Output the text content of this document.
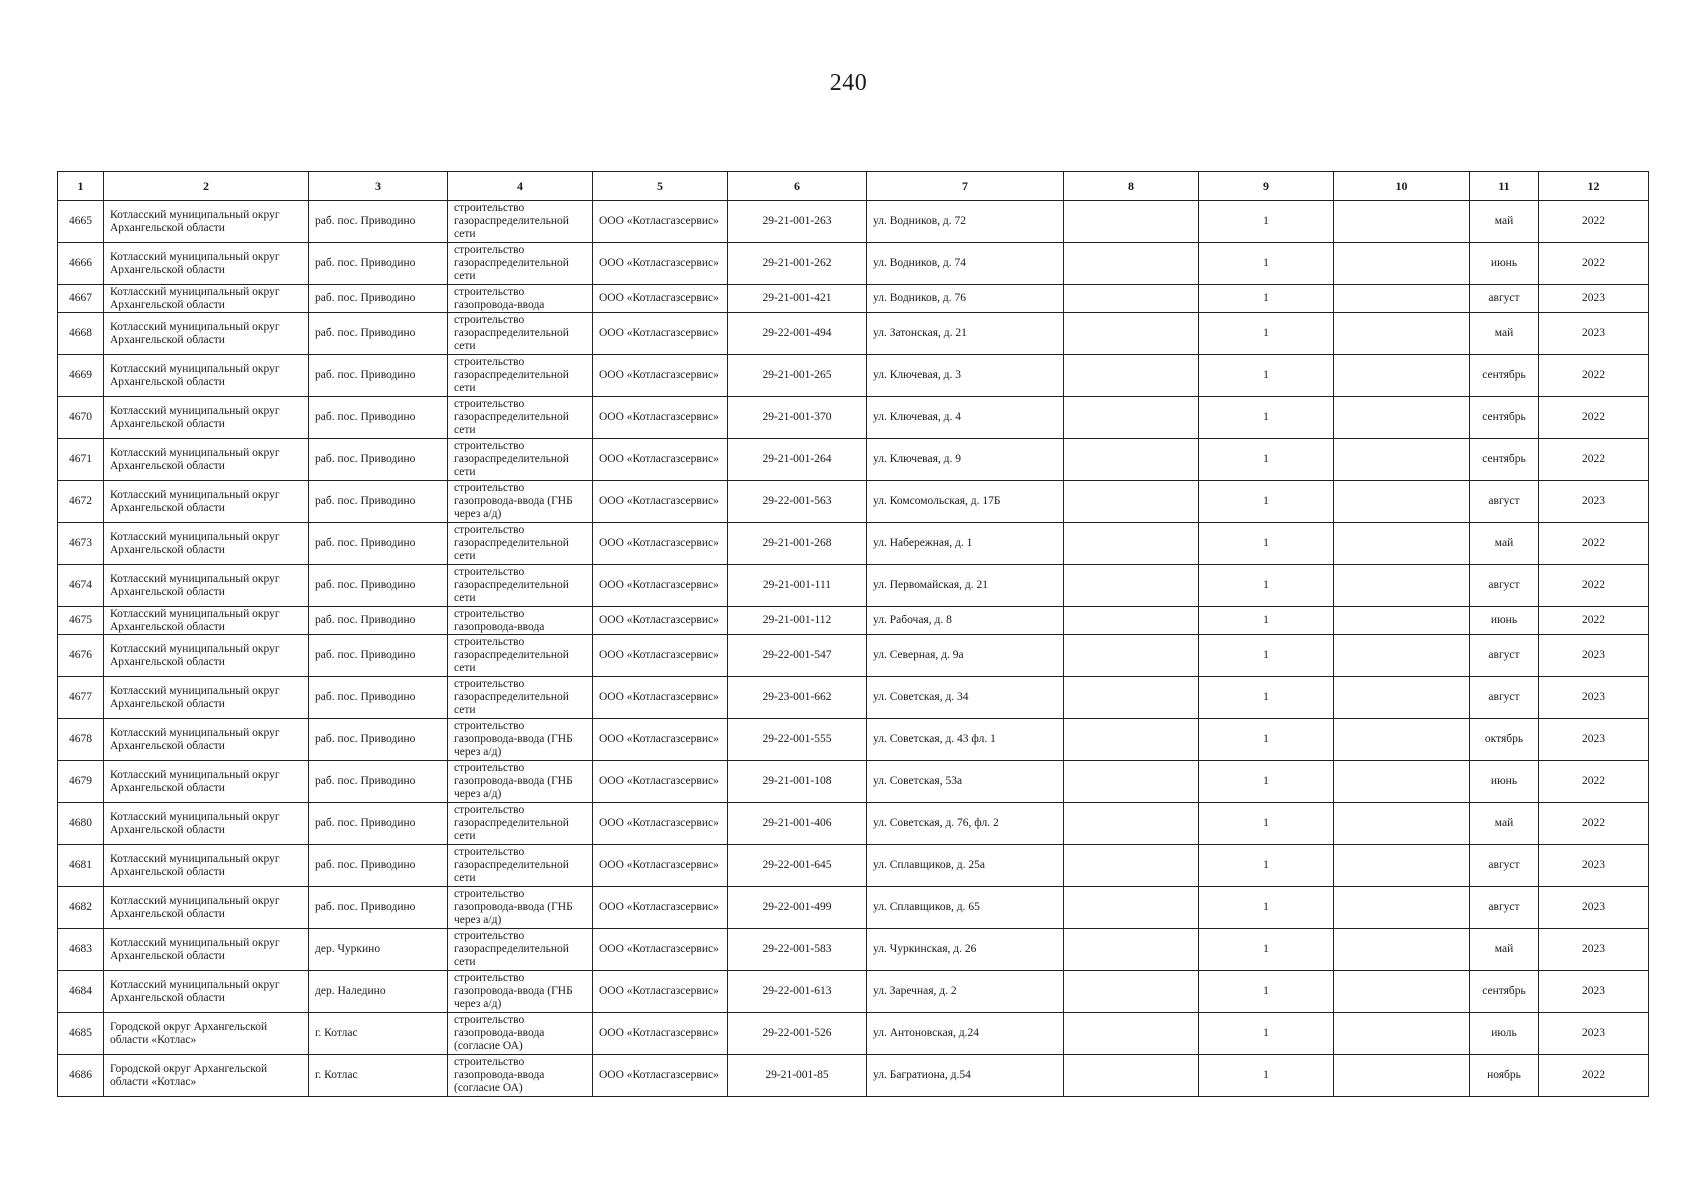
240
1	2	3	4	5	6	7	8	9	10	11	12
4665	Котласский муниципальный округ Архангельской области	раб. пос. Приводино	строительство газораспределительной сети	ООО «Котласгазсервис»	29-21-001-263	ул. Водников, д. 72		1		май	2022
4666	Котласский муниципальный округ Архангельской области	раб. пос. Приводино	строительство газораспределительной сети	ООО «Котласгазсервис»	29-21-001-262	ул. Водников, д. 74		1		июнь	2022
4667	Котласский муниципальный округ Архангельской области	раб. пос. Приводино	строительство газопровода-ввода	ООО «Котласгазсервис»	29-21-001-421	ул. Водников, д. 76		1		август	2023
4668	Котласский муниципальный округ Архангельской области	раб. пос. Приводино	строительство газораспределительной сети	ООО «Котласгазсервис»	29-22-001-494	ул. Затонская, д. 21		1		май	2023
4669	Котласский муниципальный округ Архангельской области	раб. пос. Приводино	строительство газораспределительной сети	ООО «Котласгазсервис»	29-21-001-265	ул. Ключевая, д. 3		1		сентябрь	2022
4670	Котласский муниципальный округ Архангельской области	раб. пос. Приводино	строительство газораспределительной сети	ООО «Котласгазсервис»	29-21-001-370	ул. Ключевая, д. 4		1		сентябрь	2022
4671	Котласский муниципальный округ Архангельской области	раб. пос. Приводино	строительство газораспределительной сети	ООО «Котласгазсервис»	29-21-001-264	ул. Ключевая, д. 9		1		сентябрь	2022
4672	Котласский муниципальный округ Архангельской области	раб. пос. Приводино	строительство газопровода-ввода (ГНБ через а/д)	ООО «Котласгазсервис»	29-22-001-563	ул. Комсомольская, д. 17Б		1		август	2023
4673	Котласский муниципальный округ Архангельской области	раб. пос. Приводино	строительство газораспределительной сети	ООО «Котласгазсервис»	29-21-001-268	ул. Набережная, д. 1		1		май	2022
4674	Котласский муниципальный округ Архангельской области	раб. пос. Приводино	строительство газораспределительной сети	ООО «Котласгазсервис»	29-21-001-111	ул. Первомайская, д. 21		1		август	2022
4675	Котласский муниципальный округ Архангельской области	раб. пос. Приводино	строительство газопровода-ввода	ООО «Котласгазсервис»	29-21-001-112	ул. Рабочая, д. 8		1		июнь	2022
4676	Котласский муниципальный округ Архангельской области	раб. пос. Приводино	строительство газораспределительной сети	ООО «Котласгазсервис»	29-22-001-547	ул. Северная, д. 9а		1		август	2023
4677	Котласский муниципальный округ Архангельской области	раб. пос. Приводино	строительство газораспределительной сети	ООО «Котласгазсервис»	29-23-001-662	ул. Советская, д. 34		1		август	2023
4678	Котласский муниципальный округ Архангельской области	раб. пос. Приводино	строительство газопровода-ввода (ГНБ через а/д)	ООО «Котласгазсервис»	29-22-001-555	ул. Советская, д. 43 фл. 1		1		октябрь	2023
4679	Котласский муниципальный округ Архангельской области	раб. пос. Приводино	строительство газопровода-ввода (ГНБ через а/д)	ООО «Котласгазсервис»	29-21-001-108	ул. Советская, 53а		1		июнь	2022
4680	Котласский муниципальный округ Архангельской области	раб. пос. Приводино	строительство газораспределительной сети	ООО «Котласгазсервис»	29-21-001-406	ул. Советская, д. 76, фл. 2		1		май	2022
4681	Котласский муниципальный округ Архангельской области	раб. пос. Приводино	строительство газораспределительной сети	ООО «Котласгазсервис»	29-22-001-645	ул. Сплавщиков, д. 25а		1		август	2023
4682	Котласский муниципальный округ Архангельской области	раб. пос. Приводино	строительство газопровода-ввода (ГНБ через а/д)	ООО «Котласгазсервис»	29-22-001-499	ул. Сплавщиков, д. 65		1		август	2023
4683	Котласский муниципальный округ Архангельской области	дер. Чуркино	строительство газораспределительной сети	ООО «Котласгазсервис»	29-22-001-583	ул. Чуркинская, д. 26		1		май	2023
4684	Котласский муниципальный округ Архангельской области	дер. Наледино	строительство газопровода-ввода (ГНБ через а/д)	ООО «Котласгазсервис»	29-22-001-613	ул. Заречная, д. 2		1		сентябрь	2023
4685	Городской округ Архангельской области «Котлас»	г. Котлас	строительство газопровода-ввода (согласие ОА)	ООО «Котласгазсервис»	29-22-001-526	ул. Антоновская, д.24		1		июль	2023
4686	Городской округ Архангельской области «Котлас»	г. Котлас	строительство газопровода-ввода (согласие ОА)	ООО «Котласгазсервис»	29-21-001-85	ул. Багратиона, д.54		1		ноябрь	2022
